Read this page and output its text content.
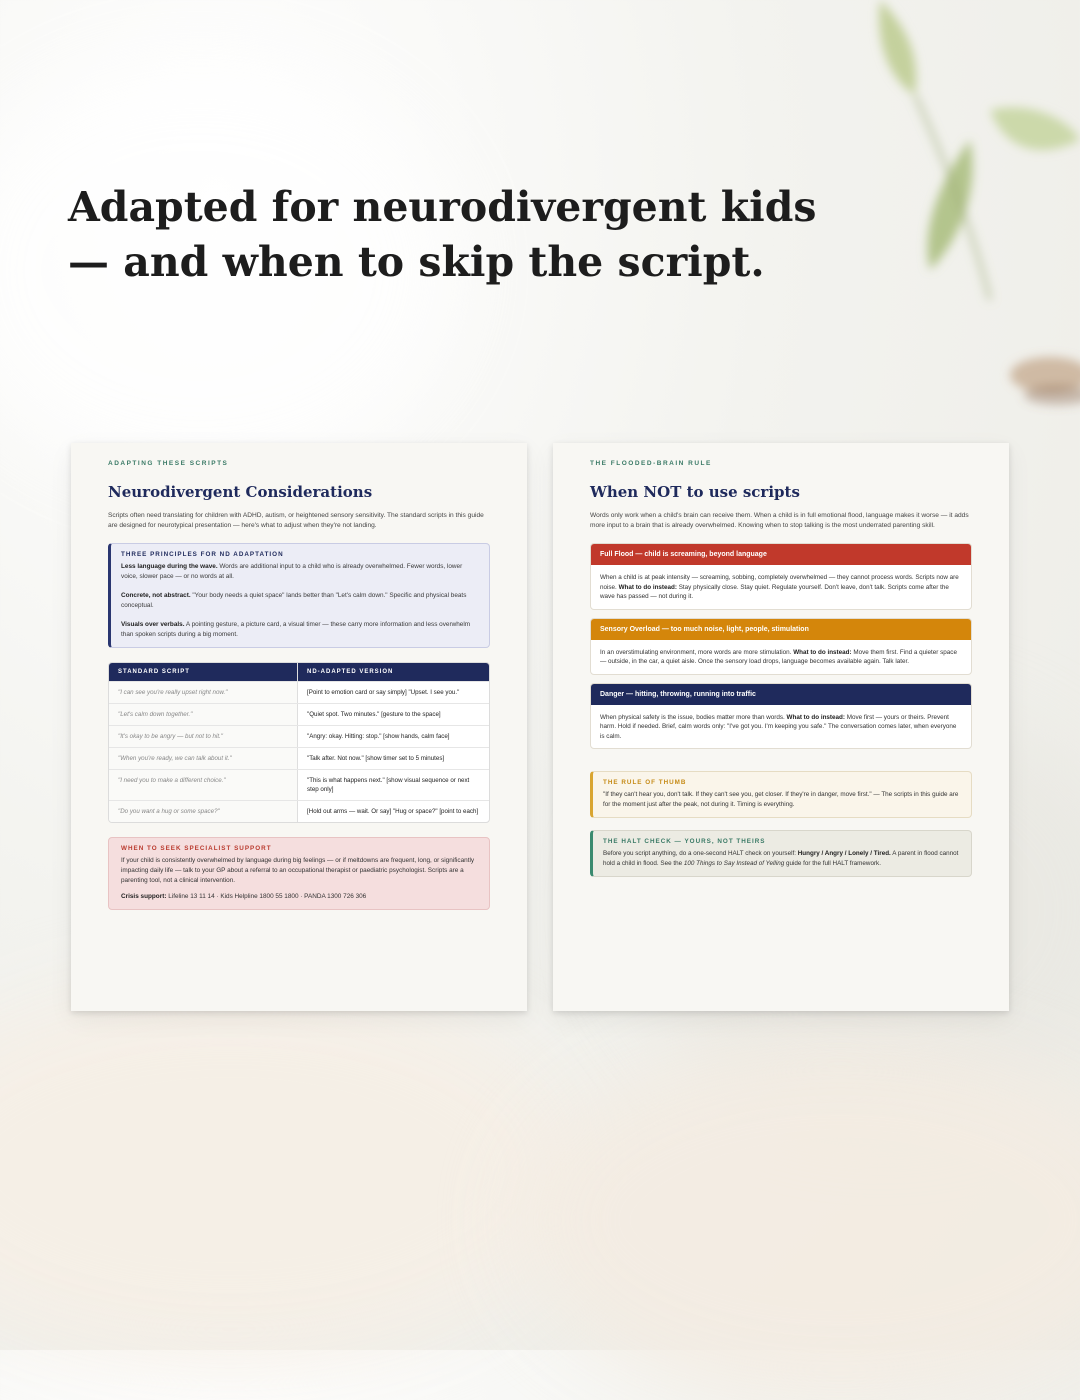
Adapted for neurodivergent kids
— and when to skip the script.
ADAPTING THESE SCRIPTS
Neurodivergent Considerations

Scripts often need translating for children with ADHD, autism, or heightened sensory sensitivity. The standard scripts in this guide are designed for neurotypical presentation — here's what to adjust when they're not landing.

THREE PRINCIPLES FOR ND ADAPTATION
Less language during the wave. Words are additional input to a child who is already overwhelmed. Fewer words, lower voice, slower pace — or no words at all.
Concrete, not abstract. "Your body needs a quiet space" lands better than "Let's calm down." Specific and physical beats conceptual.
Visuals over verbals. A pointing gesture, a picture card, a visual timer — these carry more information and less overwhelm than spoken scripts during a big moment.
STANDARD SCRIPT	ND-ADAPTED VERSION
"I can see you're really upset right now."	[Point to emotion card or say simply] "Upset. I see you."
"Let's calm down together."	"Quiet spot. Two minutes." [gesture to the space]
"It's okay to be angry — but not to hit."	"Angry: okay. Hitting: stop." [show hands, calm face]
"When you're ready, we can talk about it."	"Talk after. Not now." [show timer set to 5 minutes]
"I need you to make a different choice."	"This is what happens next." [show visual sequence or next step only]
"Do you want a hug or some space?"	[Hold out arms — wait. Or say] "Hug or space?" [point to each]
WHEN TO SEEK SPECIALIST SUPPORT

If your child is consistently overwhelmed by language during big feelings — or if meltdowns are frequent, long, or significantly impacting daily life — talk to your GP about a referral to an occupational therapist or paediatric psychologist. Scripts are a parenting tool, not a clinical intervention.

Crisis support: Lifeline 13 11 14 · Kids Helpline 1800 55 1800 · PANDA 1300 726 306
THE FLOODED-BRAIN RULE
When NOT to use scripts

Words only work when a child's brain can receive them. When a child is in full emotional flood, language makes it worse — it adds more input to a brain that is already overwhelmed. Knowing when to stop talking is the most underrated parenting skill.

Full Flood — child is screaming, beyond language
When a child is at peak intensity — screaming, sobbing, completely overwhelmed — they cannot process words. Scripts now are noise. What to do instead: Stay physically close. Stay quiet. Regulate yourself. Don't leave, don't talk. Scripts come after the wave has passed — not during it.
Sensory Overload — too much noise, light, people, stimulation
In an overstimulating environment, more words are more stimulation. What to do instead: Move them first. Find a quieter space — outside, in the car, a quiet aisle. Once the sensory load drops, language becomes available again. Talk later.
Danger — hitting, throwing, running into traffic
When physical safety is the issue, bodies matter more than words. What to do instead: Move first — yours or theirs. Prevent harm. Hold if needed. Brief, calm words only: "I've got you. I'm keeping you safe." The conversation comes later, when everyone is calm.
THE RULE OF THUMB

"If they can't hear you, don't talk. If they can't see you, get closer. If they're in danger, move first." — The scripts in this guide are for the moment just after the peak, not during it. Timing is everything.

THE HALT CHECK — YOURS, NOT THEIRS

Before you script anything, do a one-second HALT check on yourself: Hungry / Angry / Lonely / Tired. A parent in flood cannot hold a child in flood. See the 100 Things to Say Instead of Yelling guide for the full HALT framework.
